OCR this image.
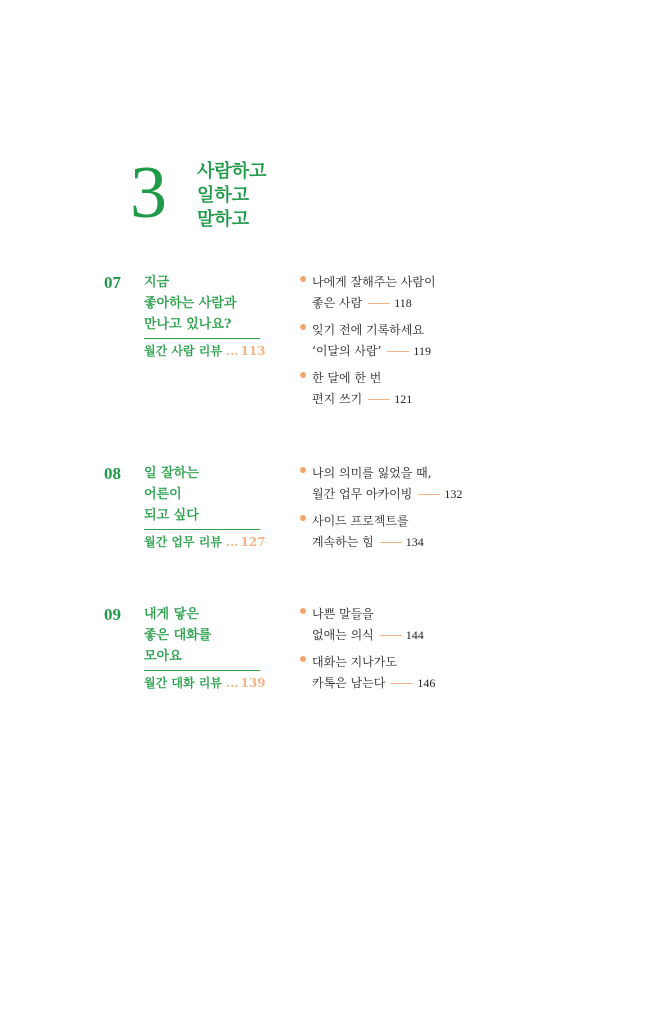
3 사람하고
일하고
말하고
07 지금
좋아하는 사람과
만나고 있나요?
월간 사람 리뷰 ... 113
나에게 잘해주는 사람이
좋은 사람	118
잊기 전에 기록하세요
‘이달의 사람’	119
한 달에 한 번
편지 쓰기	121
08 일 잘하는
어른이
되고 싶다
월간 업무 리뷰 ... 127
나의 의미를 잃었을 때,
월간 업무 아카이빙	132
사이드 프로젝트를
계속하는 힘	134
09 내게 닿은
좋은 대화를
모아요
월간 대화 리뷰 ... 139
나쁜 말들을
없애는 의식	144
대화는 지나가도
카톡은 남는다	146
